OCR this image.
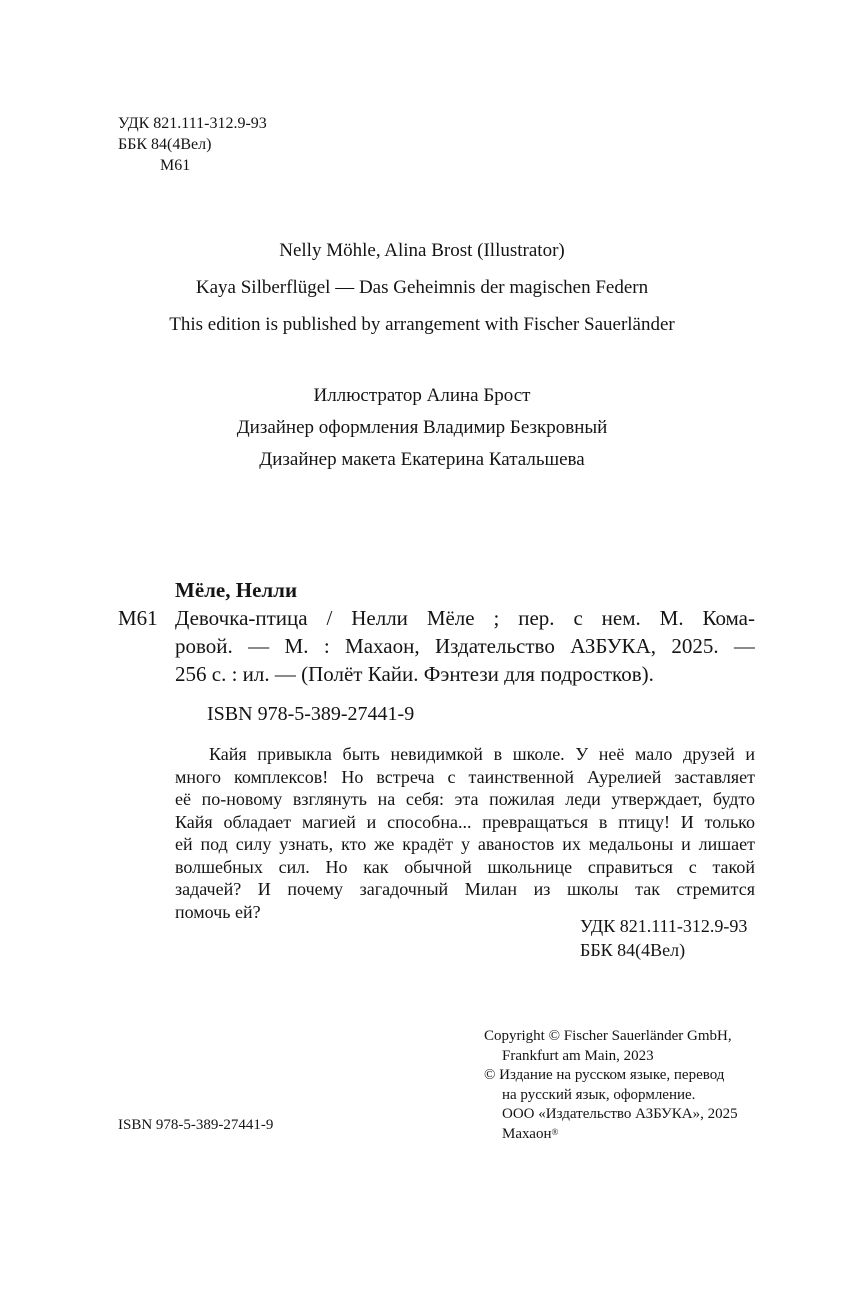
УДК 821.111-312.9-93
ББК 84(4Вел)
М61
Nelly Möhle, Alina Brost (Illustrator)
Kaya Silberflügel — Das Geheimnis der magischen Federn
This edition is published by arrangement with Fischer Sauerländer
Иллюстратор Алина Брост
Дизайнер оформления Владимир Безкровный
Дизайнер макета Екатерина Катальшева
Мёле, Нелли
М61 Девочка-птица / Нелли Мёле ; пер. с нем. М. Кома-
ровой. — М. : Махаон, Издательство АЗБУКА, 2025. —
256 с. : ил. — (Полёт Кайи. Фэнтези для подростков).
ISBN 978-5-389-27441-9
Кайя привыкла быть невидимкой в школе. У неё мало друзей и
много комплексов! Но встреча с таинственной Аурелией заставляет
её по-новому взглянуть на себя: эта пожилая леди утверждает, будто
Кайя обладает магией и способна... превращаться в птицу! И только
ей под силу узнать, кто же крадёт у аваностов их медальоны и лишает
волшебных сил. Но как обычной школьнице справиться с такой
задачей? И почему загадочный Милан из школы так стремится
помочь ей?
УДК 821.111-312.9-93
ББК 84(4Вел)
Copyright © Fischer Sauerländer GmbH,
Frankfurt am Main, 2023
© Издание на русском языке, перевод
на русский язык, оформление.
ООО «Издательство АЗБУКА», 2025
Махаон®
ISBN 978-5-389-27441-9
